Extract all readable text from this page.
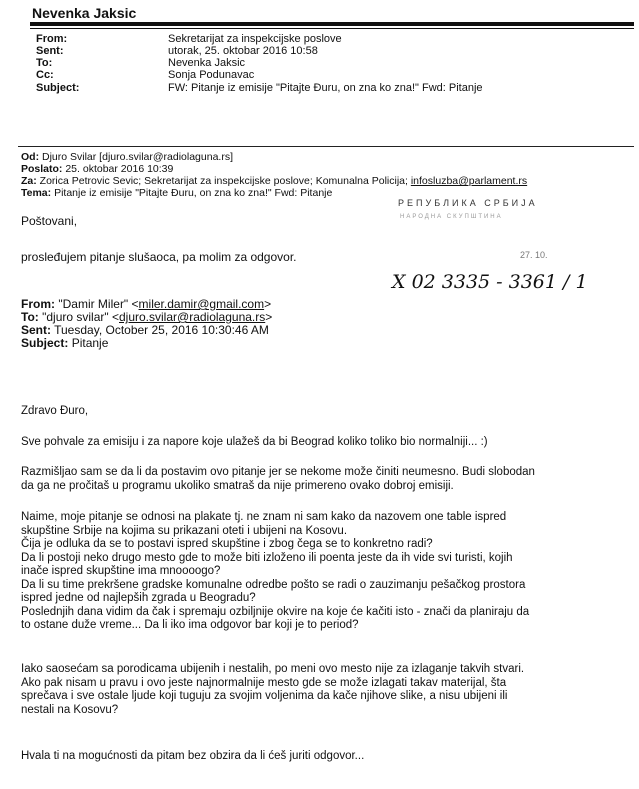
Nevenka Jaksic
From:	Sekretarijat za inspekcijske poslove
Sent:	utorak, 25. oktobar 2016 10:58
To:	Nevenka Jaksic
Cc:	Sonja Podunavac
Subject:	FW: Pitanje iz emisije "Pitajte Đuru, on zna ko zna!" Fwd: Pitanje
Od: Djuro Svilar [djuro.svilar@radiolaguna.rs]
Poslato: 25. oktobar 2016 10:39
Za: Zorica Petrovic Sevic; Sekretarijat za inspekcijske poslove; Komunalna Policija; infosluzba@parlament.rs
Tema: Pitanje iz emisije "Pitajte Đuru, on zna ko zna!" Fwd: Pitanje
Poštovani,
prosleđujem pitanje slušaoca, pa molim za odgovor.
РЕПУБЛИКА СРБИЈА
НАРОДНА СКУПШТИНА
27. 10.
X 02 3335 - 3361 / 1
From: "Damir Miler" <miler.damir@gmail.com>
To: "djuro svilar" <djuro.svilar@radiolaguna.rs>
Sent: Tuesday, October 25, 2016 10:30:46 AM
Subject: Pitanje
Zdravo Đuro,
Sve pohvale za emisiju i za napore koje ulažeš da bi Beograd koliko toliko bio normalniji... :)
Razmišljao sam se da li da postavim ovo pitanje jer se nekome može činiti neumesno. Budi slobodan
da ga ne pročitaš u programu ukoliko smatraš da nije primereno ovako dobroj emisiji.
Naime, moje pitanje se odnosi na plakate tj. ne znam ni sam kako da nazovem one table ispred
skupštine Srbije na kojima su prikazani oteti i ubijeni na Kosovu.
Čija je odluka da se to postavi ispred skupštine i zbog čega se to konkretno radi?
Da li postoji neko drugo mesto gde to može biti izloženo ili poenta jeste da ih vide svi turisti, kojih
inače ispred skupštine ima mnoooogo?
Da li su time prekršene gradske komunalne odredbe pošto se radi o zauzimanju pešačkog prostora
ispred jedne od najlepših zgrada u Beogradu?
Poslednjih dana vidim da čak i spremaju ozbiljnije okvire na koje će kačiti isto - znači da planiraju da
to ostane duže vreme... Da li iko ima odgovor bar koji je to period?
Iako saosećam sa porodicama ubijenih i nestalih, po meni ovo mesto nije za izlaganje takvih stvari.
Ako pak nisam u pravu i ovo jeste najnormalnije mesto gde se može izlagati takav materijal, šta
sprečava i sve ostale ljude koji tuguju za svojim voljenima da kače njihove slike, a nisu ubijeni ili
nestali na Kosovu?
Hvala ti na mogućnosti da pitam bez obzira da li ćeš juriti odgovor...
